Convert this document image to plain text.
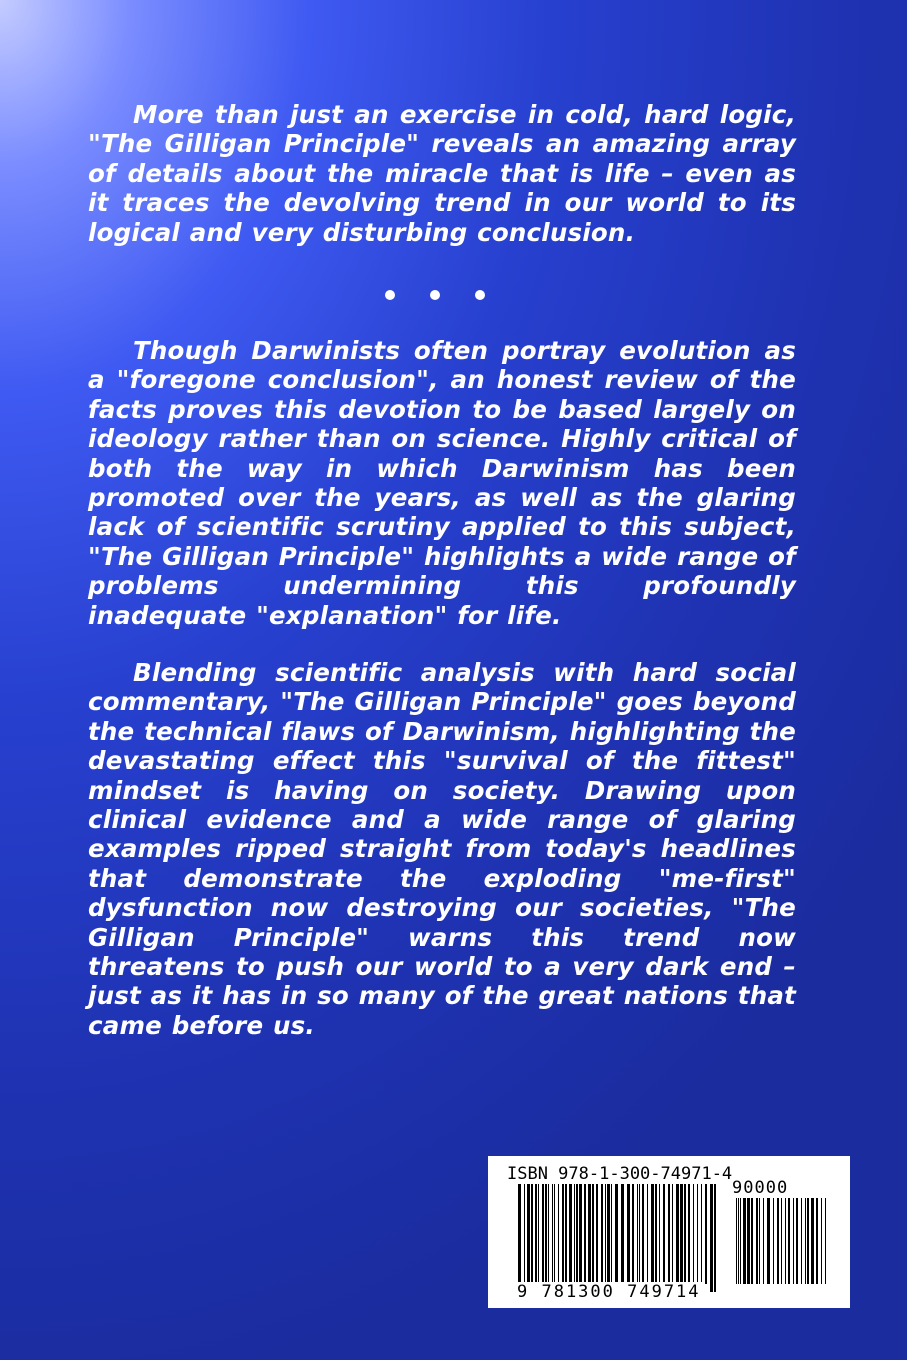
More than just an exercise in cold, hard logic, "The Gilligan Principle" reveals an amazing array of details about the miracle that is life – even as it traces the devolving trend in our world to its logical and very disturbing conclusion.

Though Darwinists often portray evolution as a "foregone conclusion", an honest review of the facts proves this devotion to be based largely on ideology rather than on science. Highly critical of both the way in which Darwinism has been promoted over the years, as well as the glaring lack of scientific scrutiny applied to this subject, "The Gilligan Principle" highlights a wide range of problems undermining this profoundly inadequate "explanation" for life.

Blending scientific analysis with hard social commentary, "The Gilligan Principle" goes beyond the technical flaws of Darwinism, highlighting the devastating effect this "survival of the fittest" mindset is having on society. Drawing upon clinical evidence and a wide range of glaring examples ripped straight from today's headlines that demonstrate the exploding "me-first" dysfunction now destroying our societies, "The Gilligan Principle" warns this trend now threatens to push our world to a very dark end – just as it has in so many of the great nations that came before us.

ISBN 978-1-300-74971-4
90000
9 781300 749714
